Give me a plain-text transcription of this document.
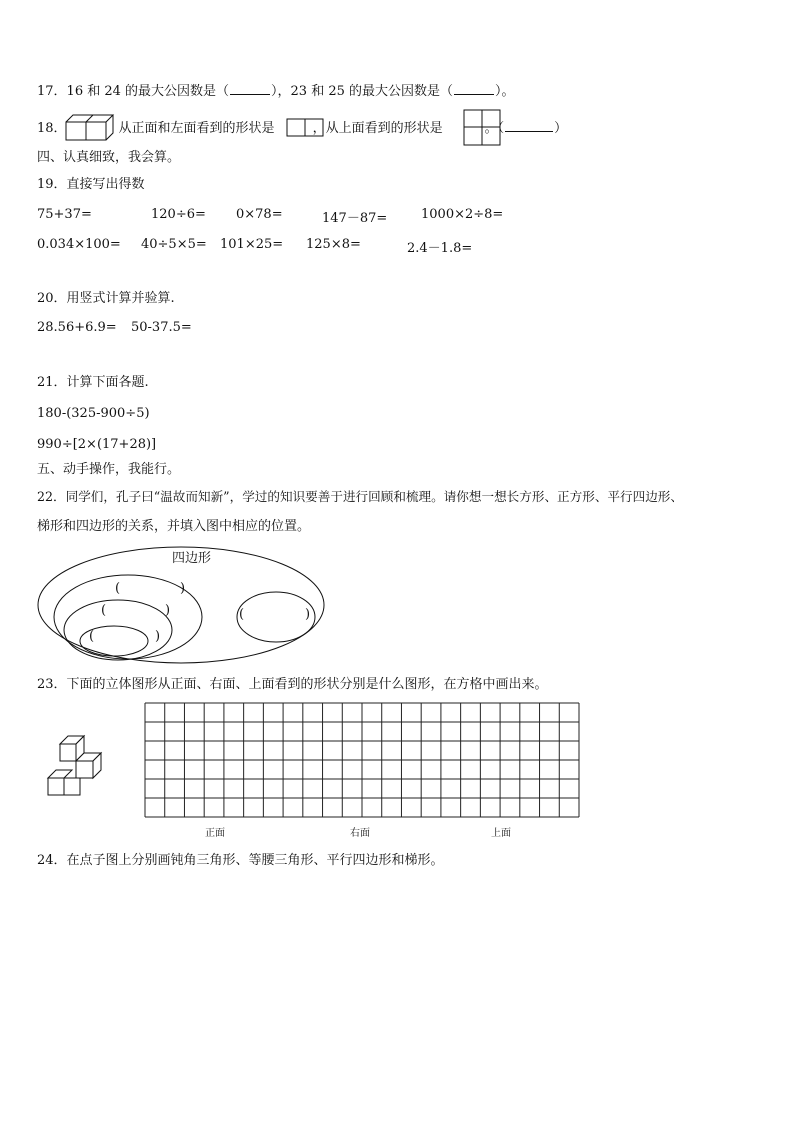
17．16 和 24 的最大公因数是（	），23 和 25 的最大公因数是（	）。
18．	从正面和左面看到的形状是	，从上面看到的形状是	。（	）
四、认真细致，我会算。
19．直接写出得数
75+37=	120÷6= 0×78=	147－87=	1000×2÷8=
0.034×100= 40÷5×5= 101×25= 125×8=	2.4－1.8=
20．用竖式计算并验算.
28.56+6.9= 50-37.5=
21．计算下面各题.
180-(325-900÷5)
990÷[2×(17+28)]
五、动手操作，我能行。
22．同学们，孔子曰“温故而知新”，学过的知识要善于进行回顾和梳理。请你想一想长方形、正方形、平行四边形、
梯形和四边形的关系，并填入图中相应的位置。
四边形
(	)
(	)
(	)
(	)
23．下面的立体图形从正面、右面、上面看到的形状分别是什么图形，在方格中画出来。
正面	右面	上面
24．在点子图上分别画钝角三角形、等腰三角形、平行四边形和梯形。
